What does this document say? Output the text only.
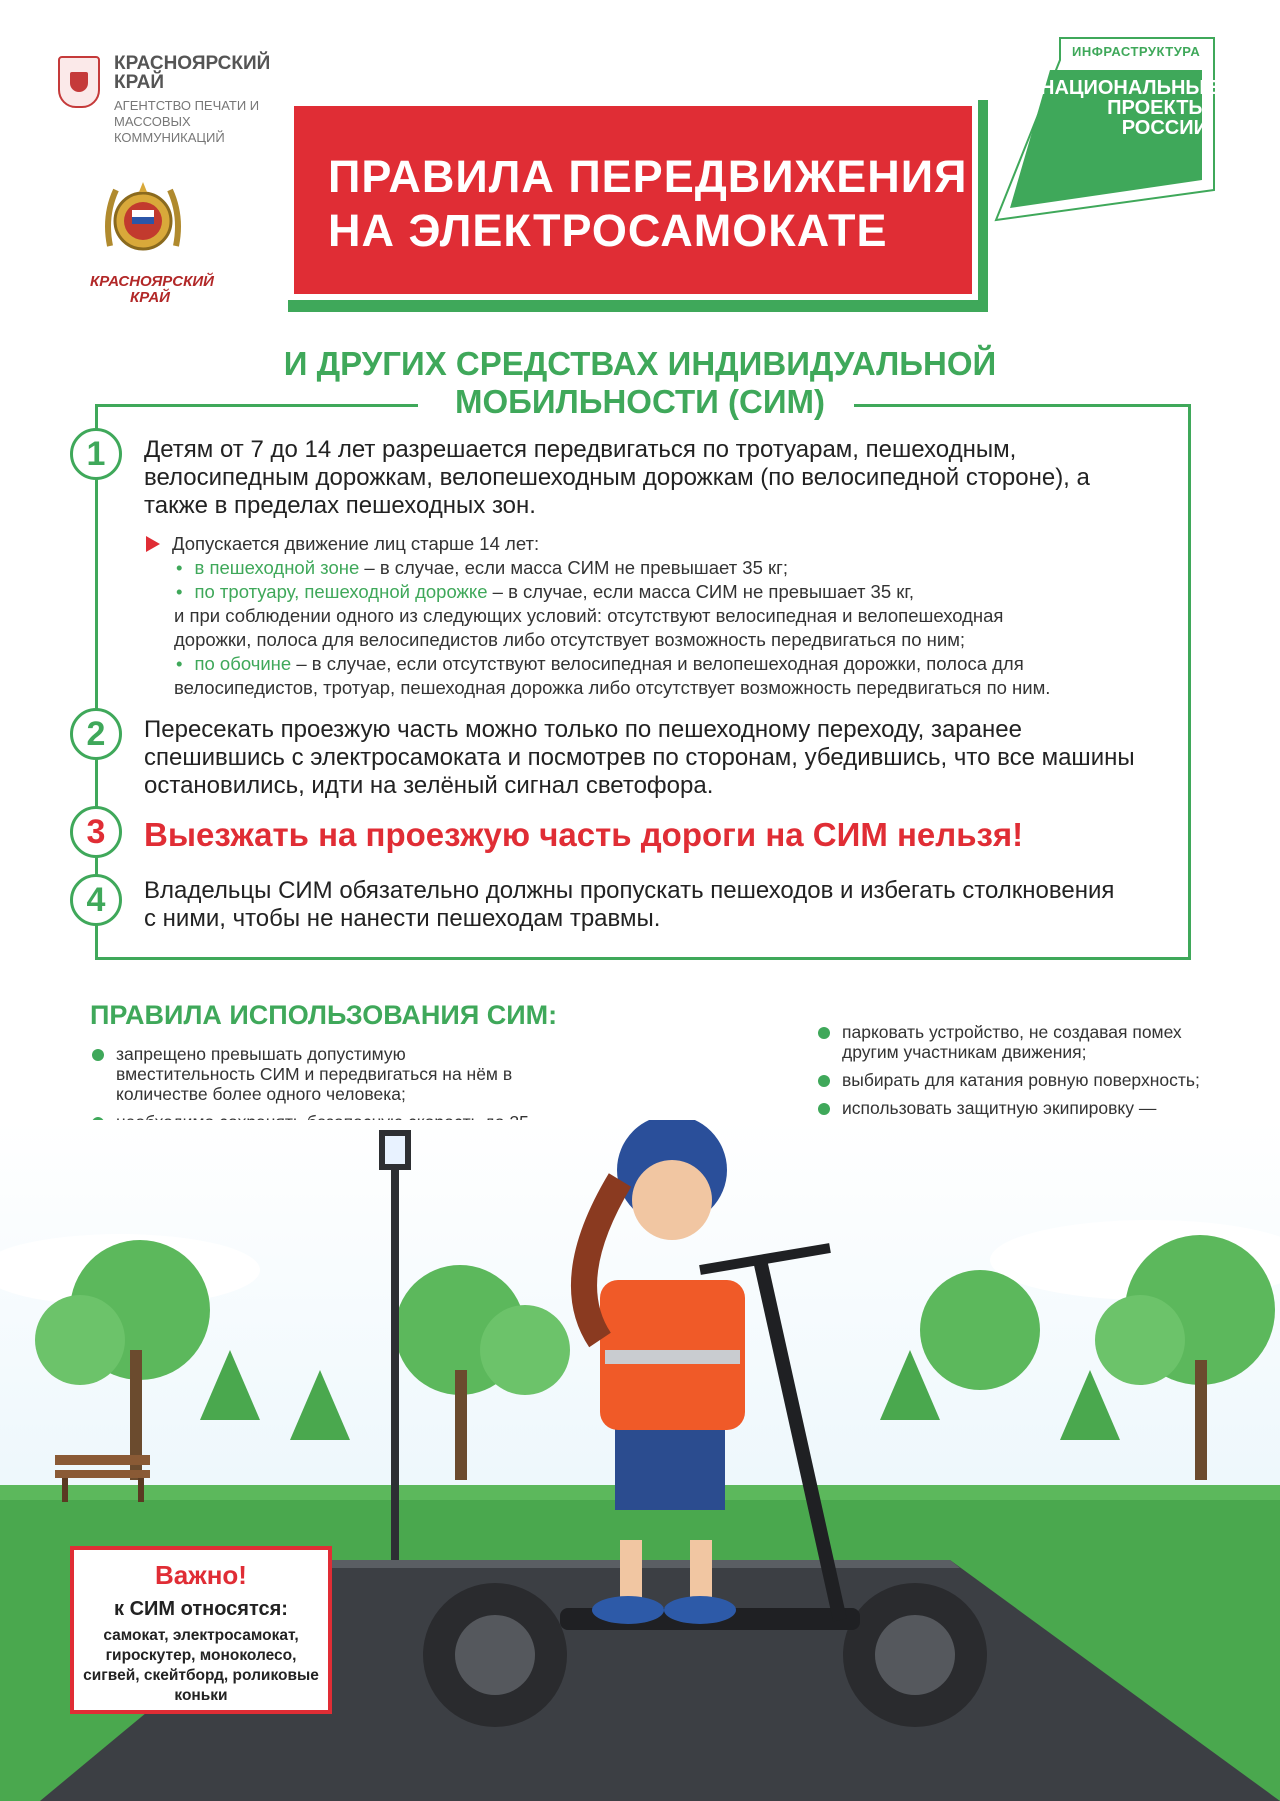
КРАСНОЯРСКИЙ КРАЙ
АГЕНТСТВО ПЕЧАТИ И МАССОВЫХ КОММУНИКАЦИЙ
КРАСНОЯРСКИЙ КРАЙ
ИНФРАСТРУКТУРА
НАЦИОНАЛЬНЫЕ ПРОЕКТЫ РОССИИ
ПРАВИЛА ПЕРЕДВИЖЕНИЯ
НА ЭЛЕКТРОСАМОКАТЕ
И ДРУГИХ СРЕДСТВАХ ИНДИВИДУАЛЬНОЙ
МОБИЛЬНОСТИ (СИМ)
1	Детям от 7 до 14 лет разрешается передвигаться по тротуарам, пешеходным, велосипедным дорожкам, велопешеходным дорожкам (по велосипедной стороне), а также в пределах пешеходных зон.
Допускается движение лиц старше 14 лет:
• в пешеходной зоне – в случае, если масса СИМ не превышает 35 кг;
• по тротуару, пешеходной дорожке – в случае, если масса СИМ не превышает 35 кг,
и при соблюдении одного из следующих условий: отсутствуют велосипедная и велопешеходная
дорожки, полоса для велосипедистов либо отсутствует возможность передвигаться по ним;
• по обочине – в случае, если отсутствуют велосипедная и велопешеходная дорожки, полоса для
велосипедистов, тротуар, пешеходная дорожка либо отсутствует возможность передвигаться по ним.
2	Пересекать проезжую часть можно только по пешеходному переходу, заранее спешившись с электросамоката и посмотрев по сторонам, убедившись, что все машины остановились, идти на зелёный сигнал светофора.
3	Выезжать на проезжую часть дороги на СИМ нельзя!
4	Владельцы СИМ обязательно должны пропускать пешеходов и избегать столкновения с ними, чтобы не нанести пешеходам травмы.
ПРАВИЛА ИСПОЛЬЗОВАНИЯ СИМ:
запрещено превышать допустимую вместительность СИМ и передвигаться на нём в количестве более одного человека;
парковать устройство, не создавая помех другим участникам движения;
выбирать для катания ровную поверхность;
использовать защитную экипировку —
Важно!
к СИМ относятся:
самокат, электросамокат, гироскутер, моноколесо, сигвей, скейтборд, роликовые коньки
